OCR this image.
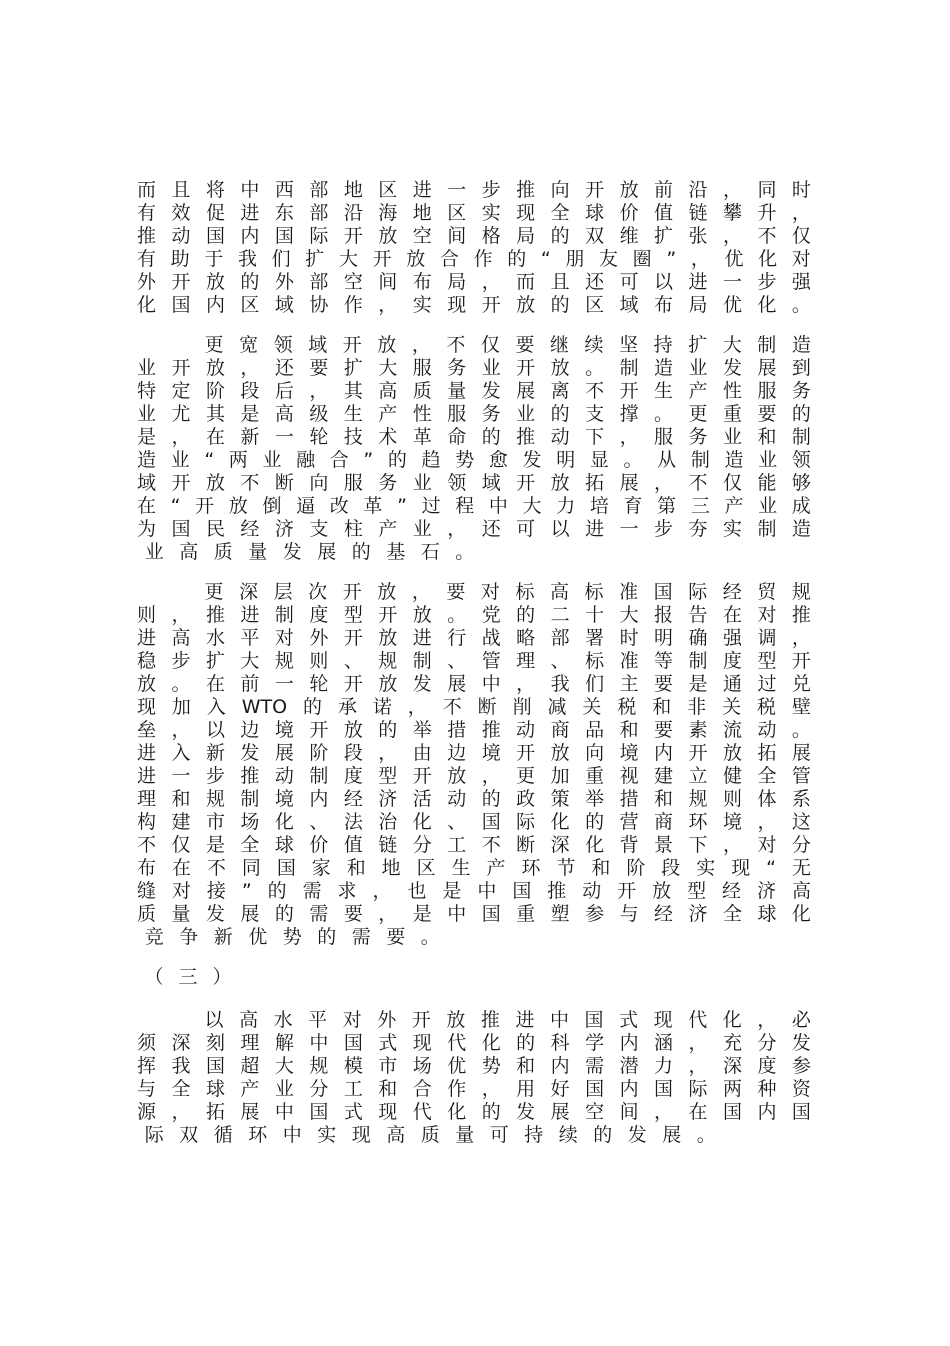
而 且 将 中 西 部 地 区 进 一 步 推 向 开 放 前 沿 ， 同 时
有 效 促 进 东 部 沿 海 地 区 实 现 全 球 价 值 链 攀 升 ，
推 动 国 内 国 际 开 放 空 间 格 局 的 双 维 扩 张 ， 不 仅
有 助 于 我 们 扩 大 开 放 合 作 的 “ 朋 友 圈 ” ， 优 化 对
外 开 放 的 外 部 空 间 布 局 ， 而 且 还 可 以 进 一 步 强
化 国 内 区 域 协 作 ， 实 现 开 放 的 区 域 布 局 优 化 。
更 宽 领 域 开 放 ， 不 仅 要 继 续 坚 持 扩 大 制 造
业 开 放 ， 还 要 扩 大 服 务 业 开 放 。 制 造 业 发 展 到
特 定 阶 段 后 ， 其 高 质 量 发 展 离 不 开 生 产 性 服 务
业 尤 其 是 高 级 生 产 性 服 务 业 的 支 撑 。 更 重 要 的
是 ， 在 新 一 轮 技 术 革 命 的 推 动 下 ， 服 务 业 和 制
造 业 “ 两 业 融 合 ” 的 趋 势 愈 发 明 显 。 从 制 造 业 领
域 开 放 不 断 向 服 务 业 领 域 开 放 拓 展 ， 不 仅 能 够
在 “ 开 放 倒 逼 改 革 ” 过 程 中 大 力 培 育 第 三 产 业 成
为 国 民 经 济 支 柱 产 业 ， 还 可 以 进 一 步 夯 实 制 造
业 高 质 量 发 展 的 基 石 。
更 深 层 次 开 放 ， 要 对 标 高 标 准 国 际 经 贸 规
则 ， 推 进 制 度 型 开 放 。 党 的 二 十 大 报 告 在 对 推
进 高 水 平 对 外 开 放 进 行 战 略 部 署 时 明 确 强 调 ，
稳 步 扩 大 规 则 、 规 制 、 管 理 、 标 准 等 制 度 型 开
放 。 在 前 一 轮 开 放 发 展 中 ， 我 们 主 要 是 通 过 兑
现 加 入 WTO 的 承 诺 ， 不 断 削 减 关 税 和 非 关 税 壁
垒 ， 以 边 境 开 放 的 举 措 推 动 商 品 和 要 素 流 动 。
进 入 新 发 展 阶 段 ， 由 边 境 开 放 向 境 内 开 放 拓 展
进 一 步 推 动 制 度 型 开 放 ， 更 加 重 视 建 立 健 全 管
理 和 规 制 境 内 经 济 活 动 的 政 策 举 措 和 规 则 体 系
构 建 市 场 化 、 法 治 化 、 国 际 化 的 营 商 环 境 ， 这
不 仅 是 全 球 价 值 链 分 工 不 断 深 化 背 景 下 ， 对 分
布 在 不 同 国 家 和 地 区 生 产 环 节 和 阶 段 实 现 “ 无
缝 对 接 ” 的 需 求 ， 也 是 中 国 推 动 开 放 型 经 济 高
质 量 发 展 的 需 要 ， 是 中 国 重 塑 参 与 经 济 全 球 化
竞 争 新 优 势 的 需 要 。
（ 三 ）
以 高 水 平 对 外 开 放 推 进 中 国 式 现 代 化 ， 必
须 深 刻 理 解 中 国 式 现 代 化 的 科 学 内 涵 ， 充 分 发
挥 我 国 超 大 规 模 市 场 优 势 和 内 需 潜 力 ， 深 度 参
与 全 球 产 业 分 工 和 合 作 ， 用 好 国 内 国 际 两 种 资
源 ， 拓 展 中 国 式 现 代 化 的 发 展 空 间 ， 在 国 内 国
际 双 循 环 中 实 现 高 质 量 可 持 续 的 发 展 。
